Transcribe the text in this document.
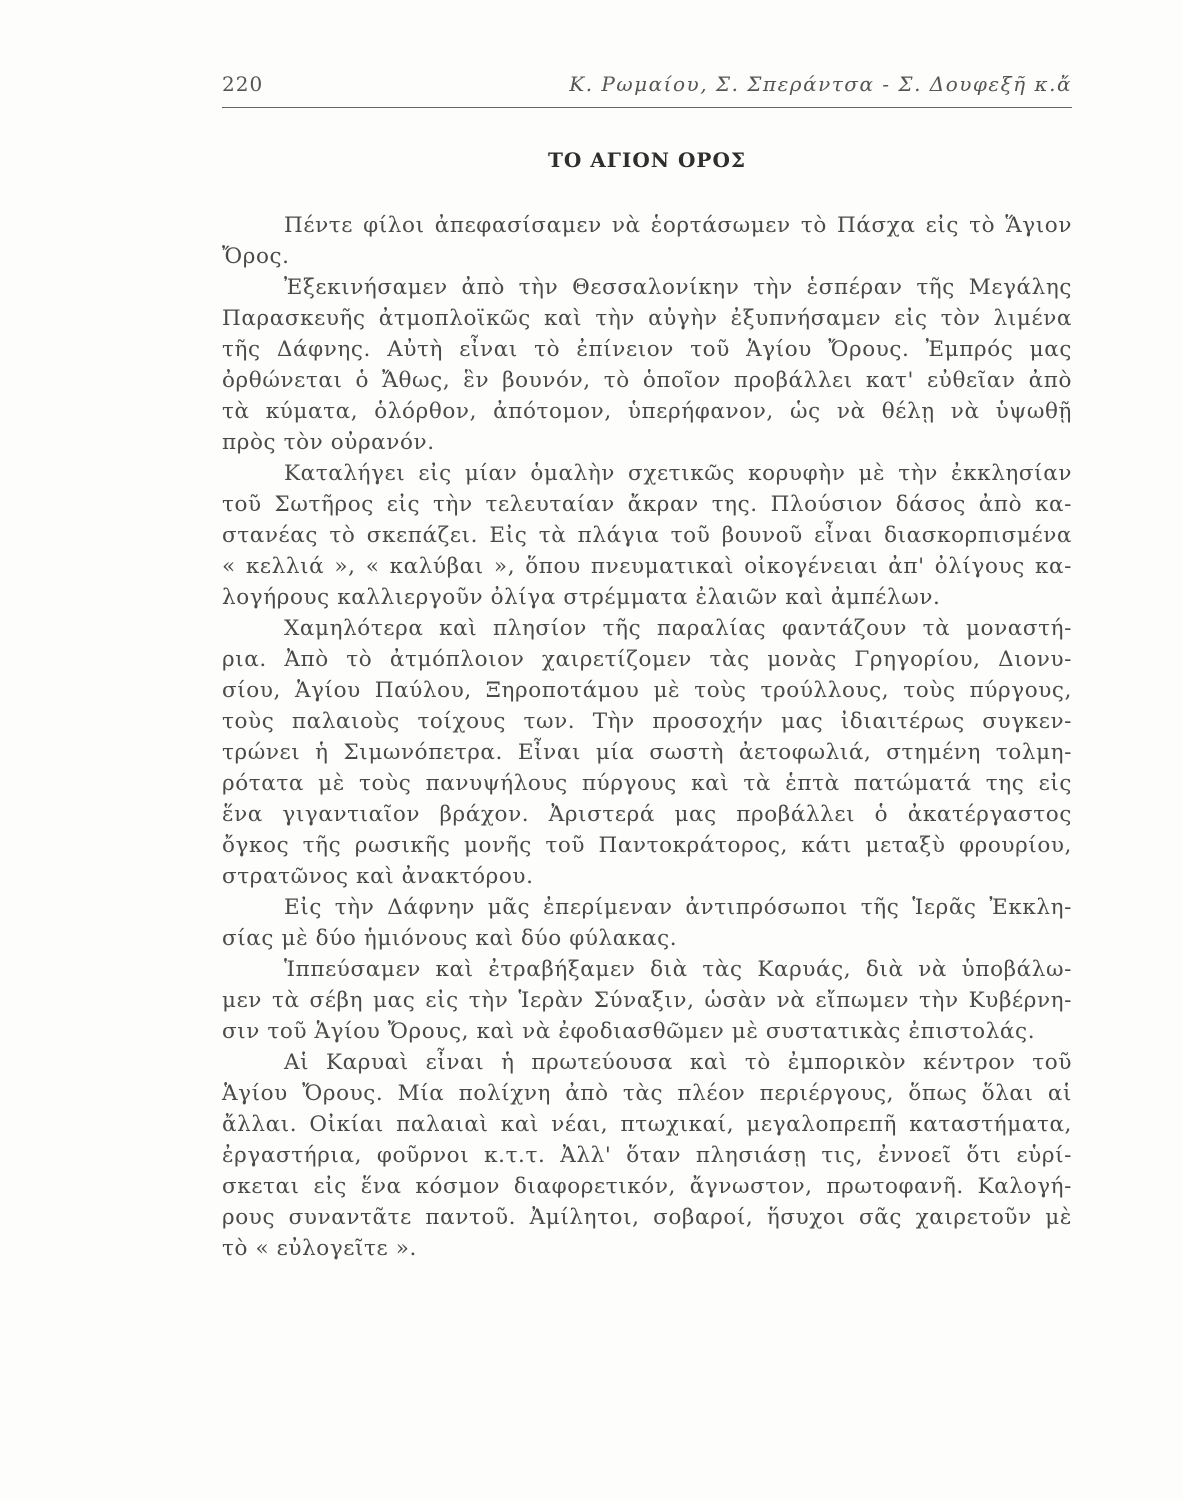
220	Κ. Ρωμαίου, Σ. Σπεράντσα - Σ. Δουφεξῆ κ.ἄ
ΤΟ ΑΓΙΟΝ ΟΡΟΣ

Πέντε φίλοι ἀπεφασίσαμεν νὰ ἑορτάσωμεν τὸ Πάσχα εἰς τὸ Ἅγιον
Ὄρος.

Ἐξεκινήσαμεν ἀπὸ τὴν Θεσσαλονίκην τὴν ἑσπέραν τῆς Μεγάλης
Παρασκευῆς ἀτμοπλοϊκῶς καὶ τὴν αὐγὴν ἐξυπνήσαμεν εἰς τὸν λιμένα
τῆς Δάφνης. Αὐτὴ εἶναι τὸ ἐπίνειον τοῦ Ἁγίου Ὄρους. Ἐμπρός μας
ὀρθώνεται ὁ Ἄθως, ἓν βουνόν, τὸ ὁποῖον προβάλλει κατ' εὐθεῖαν ἀπὸ
τὰ κύματα, ὁλόρθον, ἀπότομον, ὑπερήφανον, ὡς νὰ θέλῃ νὰ ὑψωθῇ
πρὸς τὸν οὐρανόν.

Καταλήγει εἰς μίαν ὁμαλὴν σχετικῶς κορυφὴν μὲ τὴν ἐκκλησίαν
τοῦ Σωτῆρος εἰς τὴν τελευταίαν ἄκραν της. Πλούσιον δάσος ἀπὸ κα-
στανέας τὸ σκεπάζει. Εἰς τὰ πλάγια τοῦ βουνοῦ εἶναι διασκορπισμένα
« κελλιά », « καλύβαι », ὅπου πνευματικαὶ οἰκογένειαι ἀπ' ὀλίγους κα-
λογήρους καλλιεργοῦν ὀλίγα στρέμματα ἐλαιῶν καὶ ἀμπέλων.

Χαμηλότερα καὶ πλησίον τῆς παραλίας φαντάζουν τὰ μοναστή-
ρια. Ἀπὸ τὸ ἀτμόπλοιον χαιρετίζομεν τὰς μονὰς Γρηγορίου, Διονυ-
σίου, Ἁγίου Παύλου, Ξηροποτάμου μὲ τοὺς τρούλλους, τοὺς πύργους,
τοὺς παλαιοὺς τοίχους των. Τὴν προσοχήν μας ἰδιαιτέρως συγκεν-
τρώνει ἡ Σιμωνόπετρα. Εἶναι μία σωστὴ ἀετοφωλιά, στημένη τολμη-
ρότατα μὲ τοὺς πανυψήλους πύργους καὶ τὰ ἑπτὰ πατώματά της εἰς
ἕνα γιγαντιαῖον βράχον. Ἀριστερά μας προβάλλει ὁ ἀκατέργαστος
ὄγκος τῆς ρωσικῆς μονῆς τοῦ Παντοκράτορος, κάτι μεταξὺ φρουρίου,
στρατῶνος καὶ ἀνακτόρου.

Εἰς τὴν Δάφνην μᾶς ἐπερίμεναν ἀντιπρόσωποι τῆς Ἱερᾶς Ἐκκλη-
σίας μὲ δύο ἡμιόνους καὶ δύο φύλακας.

Ἱππεύσαμεν καὶ ἐτραβήξαμεν διὰ τὰς Καρυάς, διὰ νὰ ὑποβάλω-
μεν τὰ σέβη μας εἰς τὴν Ἱερὰν Σύναξιν, ὡσὰν νὰ εἴπωμεν τὴν Κυβέρνη-
σιν τοῦ Ἁγίου Ὄρους, καὶ νὰ ἐφοδιασθῶμεν μὲ συστατικὰς ἐπιστολάς.

Αἱ Καρυαὶ εἶναι ἡ πρωτεύουσα καὶ τὸ ἐμπορικὸν κέντρον τοῦ
Ἁγίου Ὄρους. Μία πολίχνη ἀπὸ τὰς πλέον περιέργους, ὅπως ὅλαι αἱ
ἄλλαι. Οἰκίαι παλαιαὶ καὶ νέαι, πτωχικαί, μεγαλοπρεπῆ καταστήματα,
ἐργαστήρια, φοῦρνοι κ.τ.τ. Ἀλλ' ὅταν πλησιάσῃ τις, ἐννοεῖ ὅτι εὑρί-
σκεται εἰς ἕνα κόσμον διαφορετικόν, ἄγνωστον, πρωτοφανῆ. Καλογή-
ρους συναντᾶτε παντοῦ. Ἀμίλητοι, σοβαροί, ἥσυχοι σᾶς χαιρετοῦν μὲ
τὸ « εὐλογεῖτε ».
